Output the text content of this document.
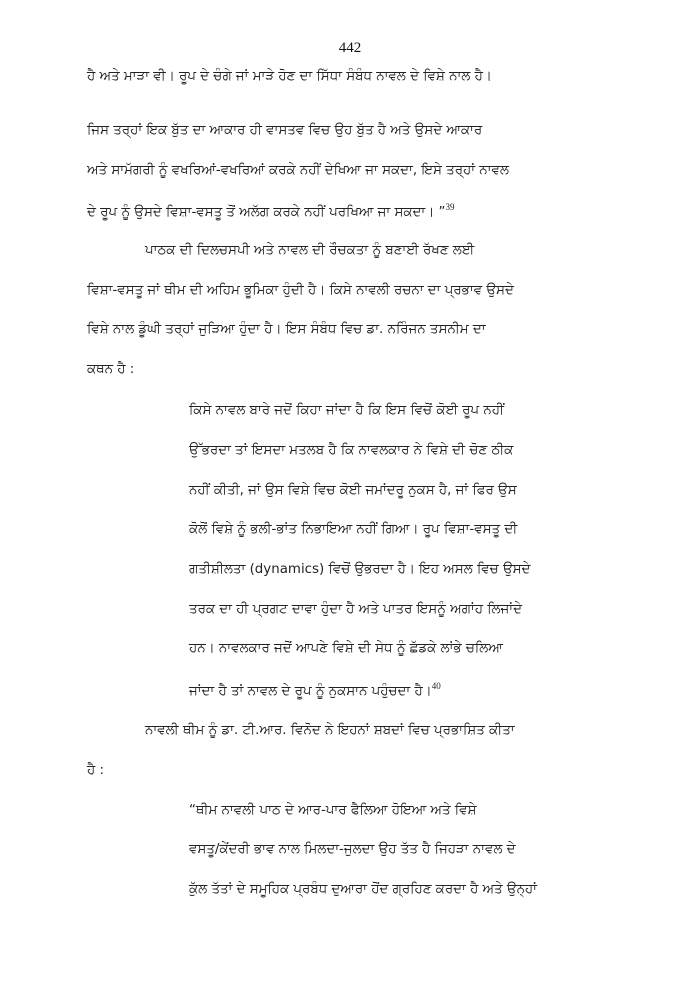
442
ਹੈ ਅਤੇ ਮਾੜਾ ਵੀ। ਰੂਪ ਦੇ ਚੰਗੇ ਜਾਂ ਮਾੜੇ ਹੋਣ ਦਾ ਸਿੱਧਾ ਸੰਬੰਧ ਨਾਵਲ ਦੇ ਵਿਸ਼ੇ ਨਾਲ ਹੈ।
ਜਿਸ ਤਰ੍ਹਾਂ ਇਕ ਬੁੱਤ ਦਾ ਆਕਾਰ ਹੀ ਵਾਸਤਵ ਵਿਚ ਉਹ ਬੁੱਤ ਹੈ ਅਤੇ ਉਸਦੇ ਆਕਾਰ
ਅਤੇ ਸਾਮੱਗਰੀ ਨੂੰ ਵਖਰਿਆਂ-ਵਖਰਿਆਂ ਕਰਕੇ ਨਹੀਂ ਦੇਖਿਆ ਜਾ ਸਕਦਾ, ਇਸੇ ਤਰ੍ਹਾਂ ਨਾਵਲ
ਦੇ ਰੂਪ ਨੂੰ ਉਸਦੇ ਵਿਸ਼ਾ-ਵਸਤੂ ਤੋਂ ਅਲੱਗ ਕਰਕੇ ਨਹੀਂ ਪਰਖਿਆ ਜਾ ਸਕਦਾ। ”$^{39}$
ਪਾਠਕ ਦੀ ਦਿਲਚਸਪੀ ਅਤੇ ਨਾਵਲ ਦੀ ਰੌਚਕਤਾ ਨੂੰ ਬਣਾਈ ਰੱਖਣ ਲਈ
ਵਿਸ਼ਾ-ਵਸਤੂ ਜਾਂ ਥੀਮ ਦੀ ਅਹਿਮ ਭੂਮਿਕਾ ਹੁੰਦੀ ਹੈ। ਕਿਸੇ ਨਾਵਲੀ ਰਚਨਾ ਦਾ ਪ੍ਰਭਾਵ ਉਸਦੇ
ਵਿਸ਼ੇ ਨਾਲ ਡੂੰਘੀ ਤਰ੍ਹਾਂ ਜੁੜਿਆ ਹੁੰਦਾ ਹੈ। ਇਸ ਸੰਬੰਧ ਵਿਚ ਡਾ. ਨਰਿੰਜਨ ਤਸਨੀਮ ਦਾ
ਕਥਨ ਹੈ :
ਕਿਸੇ ਨਾਵਲ ਬਾਰੇ ਜਦੋਂ ਕਿਹਾ ਜਾਂਦਾ ਹੈ ਕਿ ਇਸ ਵਿਚੋਂ ਕੋਈ ਰੂਪ ਨਹੀਂ
ਉੱਭਰਦਾ ਤਾਂ ਇਸਦਾ ਮਤਲਬ ਹੈ ਕਿ ਨਾਵਲਕਾਰ ਨੇ ਵਿਸ਼ੇ ਦੀ ਚੋਣ ਠੀਕ
ਨਹੀਂ ਕੀਤੀ, ਜਾਂ ਉਸ ਵਿਸ਼ੇ ਵਿਚ ਕੋਈ ਜਮਾਂਦਰੂ ਨੁਕਸ ਹੈ, ਜਾਂ ਫਿਰ ਉਸ
ਕੋਲੋਂ ਵਿਸ਼ੇ ਨੂੰ ਭਲੀ-ਭਾਂਤ ਨਿਭਾਇਆ ਨਹੀਂ ਗਿਆ। ਰੂਪ ਵਿਸ਼ਾ-ਵਸਤੂ ਦੀ
ਗਤੀਸ਼ੀਲਤਾ (dynamics) ਵਿਚੋਂ ਉਭਰਦਾ ਹੈ। ਇਹ ਅਸਲ ਵਿਚ ਉਸਦੇ
ਤਰਕ ਦਾ ਹੀ ਪ੍ਰਗਟ ਦਾਵਾ ਹੁੰਦਾ ਹੈ ਅਤੇ ਪਾਤਰ ਇਸਨੂੰ ਅਗਾਂਹ ਲਿਜਾਂਦੇ
ਹਨ। ਨਾਵਲਕਾਰ ਜਦੋਂ ਆਪਣੇ ਵਿਸ਼ੇ ਦੀ ਸੇਧ ਨੂੰ ਛੱਡਕੇ ਲਾਂਭੇ ਚਲਿਆ
ਜਾਂਦਾ ਹੈ ਤਾਂ ਨਾਵਲ ਦੇ ਰੂਪ ਨੂੰ ਨੁਕਸਾਨ ਪਹੁੰਚਦਾ ਹੈ।$^{40}$
ਨਾਵਲੀ ਥੀਮ ਨੂੰ ਡਾ. ਟੀ.ਆਰ. ਵਿਨੋਦ ਨੇ ਇਹਨਾਂ ਸ਼ਬਦਾਂ ਵਿਚ ਪ੍ਰਭਾਸ਼ਿਤ ਕੀਤਾ
ਹੈ :
“ਥੀਮ ਨਾਵਲੀ ਪਾਠ ਦੇ ਆਰ-ਪਾਰ ਫੈਲਿਆ ਹੋਇਆ ਅਤੇ ਵਿਸ਼ੇ
ਵਸਤੂ/ਕੇਂਦਰੀ ਭਾਵ ਨਾਲ ਮਿਲਦਾ-ਜੁਲਦਾ ਉਹ ਤੱਤ ਹੈ ਜਿਹੜਾ ਨਾਵਲ ਦੇ
ਕੁੱਲ ਤੱਤਾਂ ਦੇ ਸਮੂਹਿਕ ਪ੍ਰਬੰਧ ਦੁਆਰਾ ਹੋਂਦ ਗ੍ਰਹਿਣ ਕਰਦਾ ਹੈ ਅਤੇ ਉਨ੍ਹਾਂ
